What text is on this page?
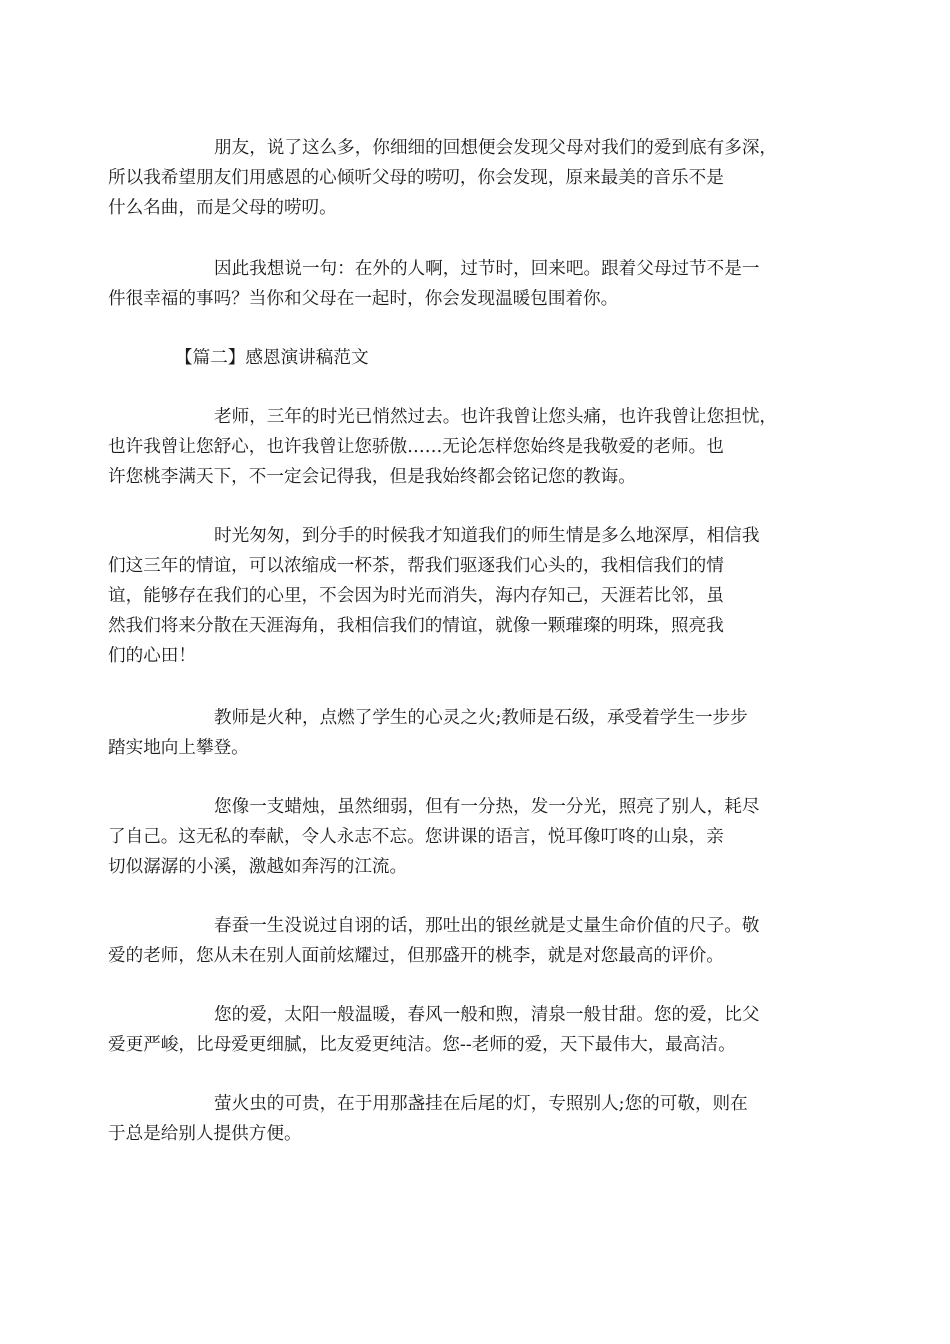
朋友，说了这么多，你细细的回想便会发现父母对我们的爱到底有多深，
所以我希望朋友们用感恩的心倾听父母的唠叨，你会发现，原来最美的音乐不是
什么名曲，而是父母的唠叨。

因此我想说一句：在外的人啊，过节时，回来吧。跟着父母过节不是一
件很幸福的事吗？当你和父母在一起时，你会发现温暖包围着你。

【篇二】感恩演讲稿范文

老师，三年的时光已悄然过去。也许我曾让您头痛，也许我曾让您担忧，
也许我曾让您舒心，也许我曾让您骄傲……无论怎样您始终是我敬爱的老师。也
许您桃李满天下，不一定会记得我，但是我始终都会铭记您的教诲。

时光匆匆，到分手的时候我才知道我们的师生情是多么地深厚，相信我
们这三年的情谊，可以浓缩成一杯茶，帮我们驱逐我们心头的，我相信我们的情
谊，能够存在我们的心里，不会因为时光而消失，海内存知己，天涯若比邻，虽
然我们将来分散在天涯海角，我相信我们的情谊，就像一颗璀璨的明珠，照亮我
们的心田！

教师是火种，点燃了学生的心灵之火;教师是石级，承受着学生一步步
踏实地向上攀登。

您像一支蜡烛，虽然细弱，但有一分热，发一分光，照亮了别人，耗尽
了自己。这无私的奉献，令人永志不忘。您讲课的语言，悦耳像叮咚的山泉，亲
切似潺潺的小溪，激越如奔泻的江流。

春蚕一生没说过自诩的话，那吐出的银丝就是丈量生命价值的尺子。敬
爱的老师，您从未在别人面前炫耀过，但那盛开的桃李，就是对您最高的评价。

您的爱，太阳一般温暖，春风一般和煦，清泉一般甘甜。您的爱，比父
爱更严峻，比母爱更细腻，比友爱更纯洁。您--老师的爱，天下最伟大，最高洁。

萤火虫的可贵，在于用那盏挂在后尾的灯，专照别人;您的可敬，则在
于总是给别人提供方便。
